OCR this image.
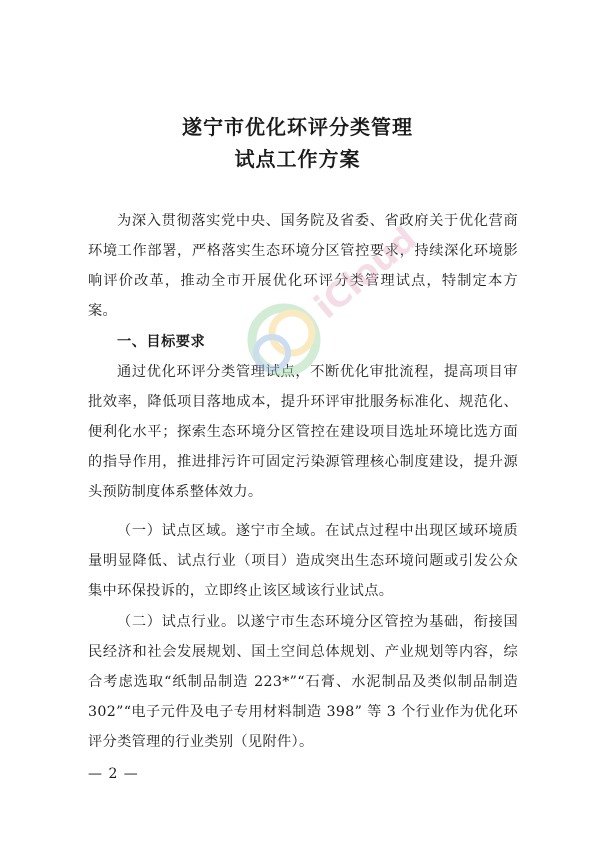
遂宁市优化环评分类管理
试点工作方案

为深入贯彻落实党中央、国务院及省委、省政府关于优化营商环境工作部署，严格落实生态环境分区管控要求，持续深化环境影响评价改革，推动全市开展优化环评分类管理试点，特制定本方案。

一、目标要求

通过优化环评分类管理试点，不断优化审批流程，提高项目审批效率，降低项目落地成本，提升环评审批服务标准化、规范化、便利化水平；探索生态环境分区管控在建设项目选址环境比选方面的指导作用，推进排污许可固定污染源管理核心制度建设，提升源头预防制度体系整体效力。

（一）试点区域。遂宁市全域。在试点过程中出现区域环境质量明显降低、试点行业（项目）造成突出生态环境问题或引发公众集中环保投诉的，立即终止该区域该行业试点。

（二）试点行业。以遂宁市生态环境分区管控为基础，衔接国民经济和社会发展规划、国土空间总体规划、产业规划等内容，综合考虑选取“纸制品制造 223*”“石膏、水泥制品及类似制品制造 302”“电子元件及电子专用材料制造 398” 等 3 个行业作为优化环评分类管理的行业类别（见附件）。

— 2 —
iCloud
